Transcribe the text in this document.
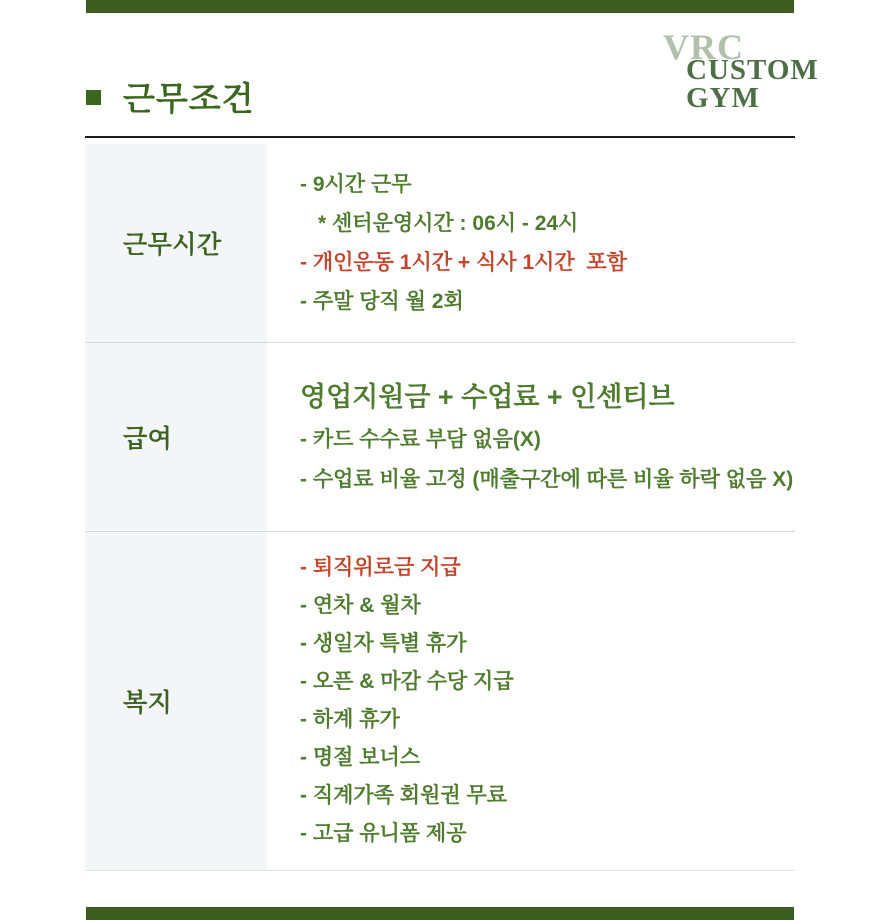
VRC
CUSTOM
GYM
근무조건
근무시간
- 9시간 근무
* 센터운영시간 : 06시 - 24시
- 개인운동 1시간 + 식사 1시간  포함
- 주말 당직 월 2회
급여
영업지원금 + 수업료 + 인센티브
- 카드 수수료 부담 없음(X)
- 수업료 비율 고정 (매출구간에 따른 비율 하락 없음 X)
복지
- 퇴직위로금 지급
- 연차 & 월차
- 생일자 특별 휴가
- 오픈 & 마감 수당 지급
- 하계 휴가
- 명절 보너스
- 직계가족 회원권 무료
- 고급 유니폼 제공
